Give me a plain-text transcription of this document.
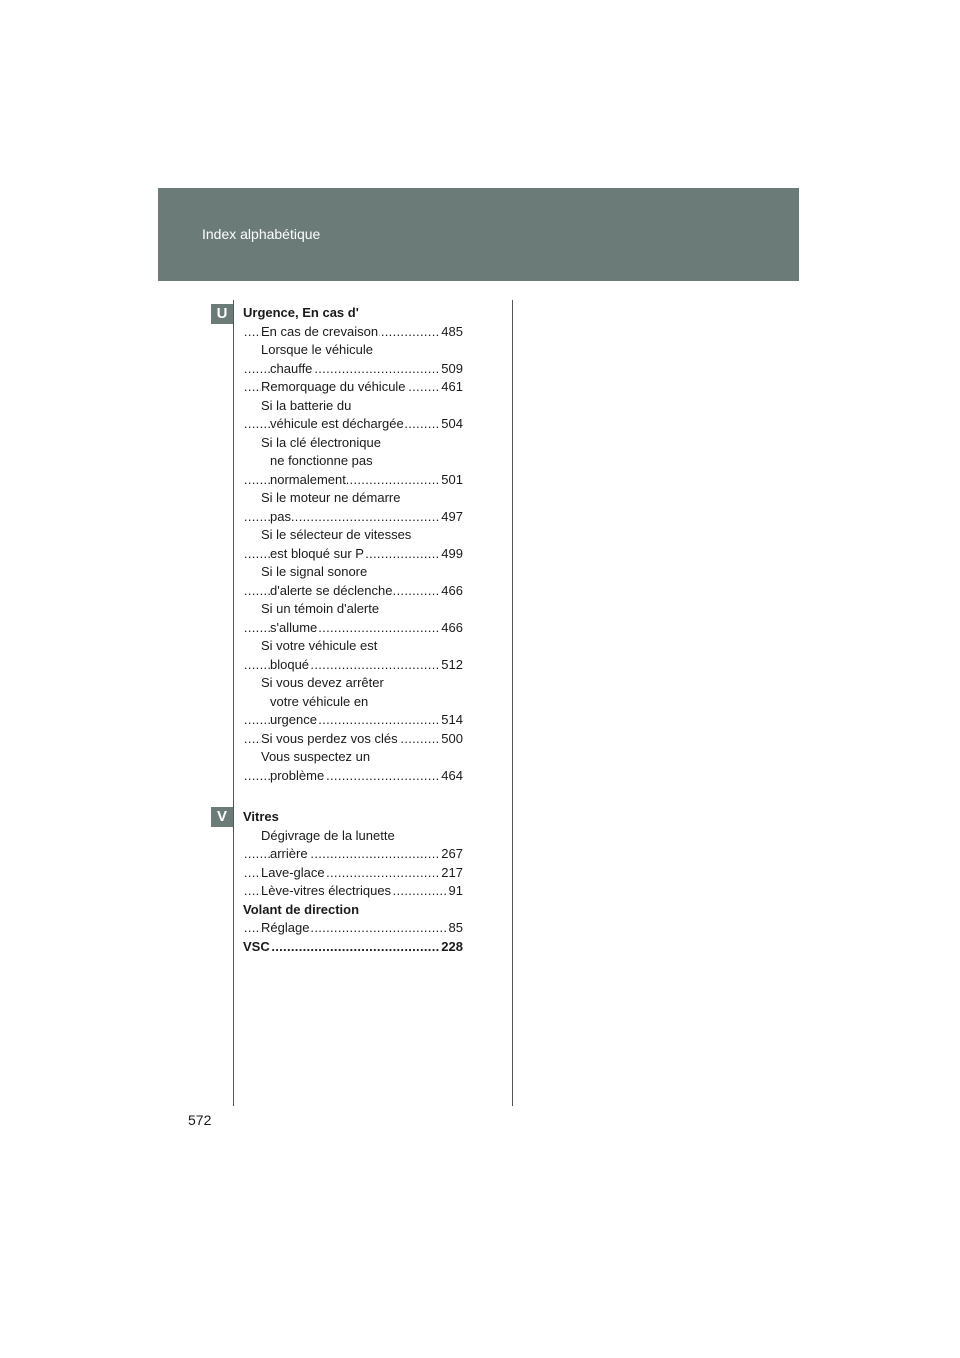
Index alphabétique
U
V
Urgence, En cas d'
En cas de crevaison	485
.....
Lorsque le véhicule
chauffe	509
.....
Remorquage du véhicule	461
.....
Si la batterie du
véhicule est déchargée	504
.....
Si la clé électronique
ne fonctionne pas
normalement	501
.....
Si le moteur ne démarre
pas	497
.....
Si le sélecteur de vitesses
est bloqué sur P	499
.....
Si le signal sonore
d'alerte se déclenche	466
.....
Si un témoin d'alerte
s'allume	466
.....
Si votre véhicule est
bloqué	512
.....
Si vous devez arrêter
votre véhicule en
urgence	514
.....
Si vous perdez vos clés	500
.....
Vous suspectez un
problème	464
.....
Vitres
Dégivrage de la lunette
arrière	267
.....
Lave-glace	217
.....
Lève-vitres électriques	91
.....
Volant de direction
Réglage	85
.....
VSC	228
.....
572
